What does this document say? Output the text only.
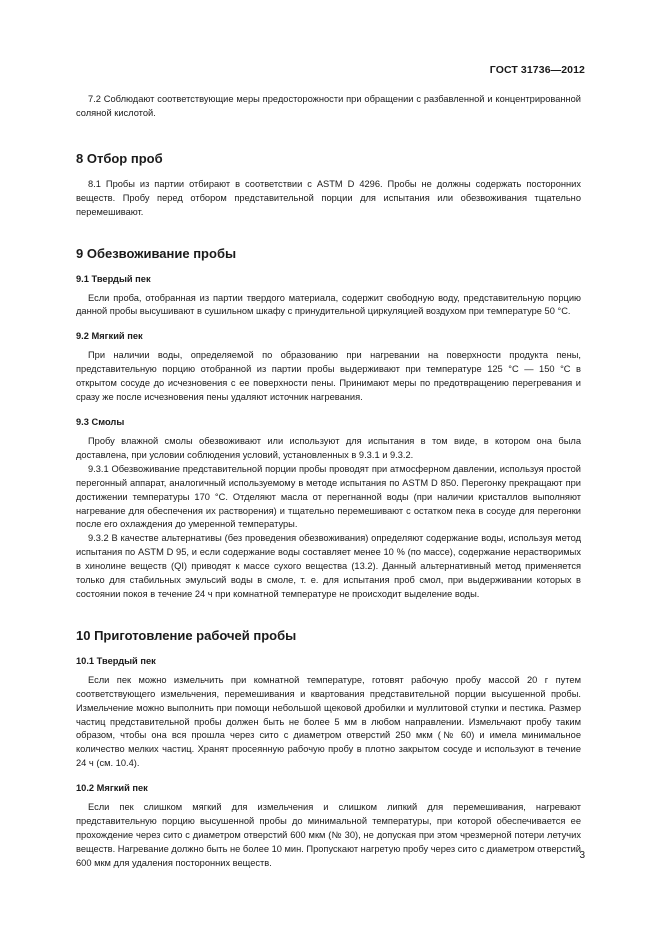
ГОСТ 31736—2012

7.2 Соблюдают соответствующие меры предосторожности при обращении с разбавленной и концентрированной соляной кислотой.

8 Отбор проб

8.1 Пробы из партии отбирают в соответствии с ASTM D 4296. Пробы не должны содержать посторонних веществ. Пробу перед отбором представительной порции для испытания или обезвоживания тщательно перемешивают.

9 Обезвоживание пробы
9.1 Твердый пек

Если проба, отобранная из партии твердого материала, содержит свободную воду, представительную порцию данной пробы высушивают в сушильном шкафу с принудительной циркуляцией воздухом при температуре 50 °С.

9.2 Мягкий пек

При наличии воды, определяемой по образованию при нагревании на поверхности продукта пены, представительную порцию отобранной из партии пробы выдерживают при температуре 125 °С — 150 °С в открытом сосуде до исчезновения с ее поверхности пены. Принимают меры по предотвращению перегревания и сразу же после исчезновения пены удаляют источник нагревания.

9.3 Смолы

Пробу влажной смолы обезвоживают или используют для испытания в том виде, в котором она была доставлена, при условии соблюдения условий, установленных в 9.3.1 и 9.3.2.

9.3.1 Обезвоживание представительной порции пробы проводят при атмосферном давлении, используя простой перегонный аппарат, аналогичный используемому в методе испытания по ASTM D 850. Перегонку прекращают при достижении температуры 170 °С. Отделяют масла от перегнанной воды (при наличии кристаллов выполняют нагревание для обеспечения их растворения) и тщательно перемешивают с остатком пека в сосуде для перегонки после его охлаждения до умеренной температуры.

9.3.2 В качестве альтернативы (без проведения обезвоживания) определяют содержание воды, используя метод испытания по ASTM D 95, и если содержание воды составляет менее 10 % (по массе), содержание нерастворимых в хинолине веществ (QI) приводят к массе сухого вещества (13.2). Данный альтернативный метод применяется только для стабильных эмульсий воды в смоле, т. е. для испытания проб смол, при выдерживании которых в состоянии покоя в течение 24 ч при комнатной температуре не происходит выделение воды.

10 Приготовление рабочей пробы
10.1 Твердый пек

Если пек можно измельчить при комнатной температуре, готовят рабочую пробу массой 20 г путем соответствующего измельчения, перемешивания и квартования представительной порции высушенной пробы. Измельчение можно выполнить при помощи небольшой щековой дробилки и муллитовой ступки и пестика. Размер частиц представительной пробы должен быть не более 5 мм в любом направлении. Измельчают пробу таким образом, чтобы она вся прошла через сито с диаметром отверстий 250 мкм (№ 60) и имела минимальное количество мелких частиц. Хранят просеянную рабочую пробу в плотно закрытом сосуде и используют в течение 24 ч (см. 10.4).

10.2 Мягкий пек

Если пек слишком мягкий для измельчения и слишком липкий для перемешивания, нагревают представительную порцию высушенной пробы до минимальной температуры, при которой обеспечивается ее прохождение через сито с диаметром отверстий 600 мкм (№ 30), не допуская при этом чрезмерной потери летучих веществ. Нагревание должно быть не более 10 мин. Пропускают нагретую пробу через сито с диаметром отверстий 600 мкм для удаления посторонних веществ.

3
